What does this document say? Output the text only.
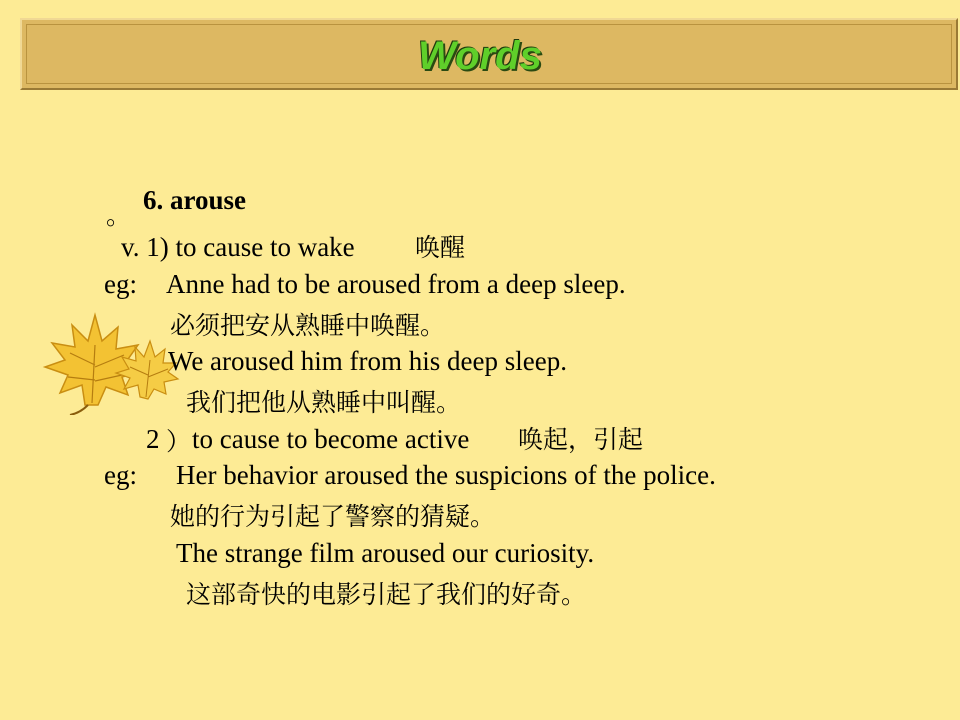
Words
。
6. arouse
v. 1) to cause to wake 唤醒
eg: Anne had to be aroused from a deep sleep.
必须把安从熟睡中唤醒。
We aroused him from his deep sleep.
我们把他从熟睡中叫醒。
2 ） to cause to become active 唤起，引起
eg: Her behavior aroused the suspicions of the police.
她的行为引起了警察的猜疑。
The strange film aroused our curiosity.
这部奇快的电影引起了我们的好奇。
